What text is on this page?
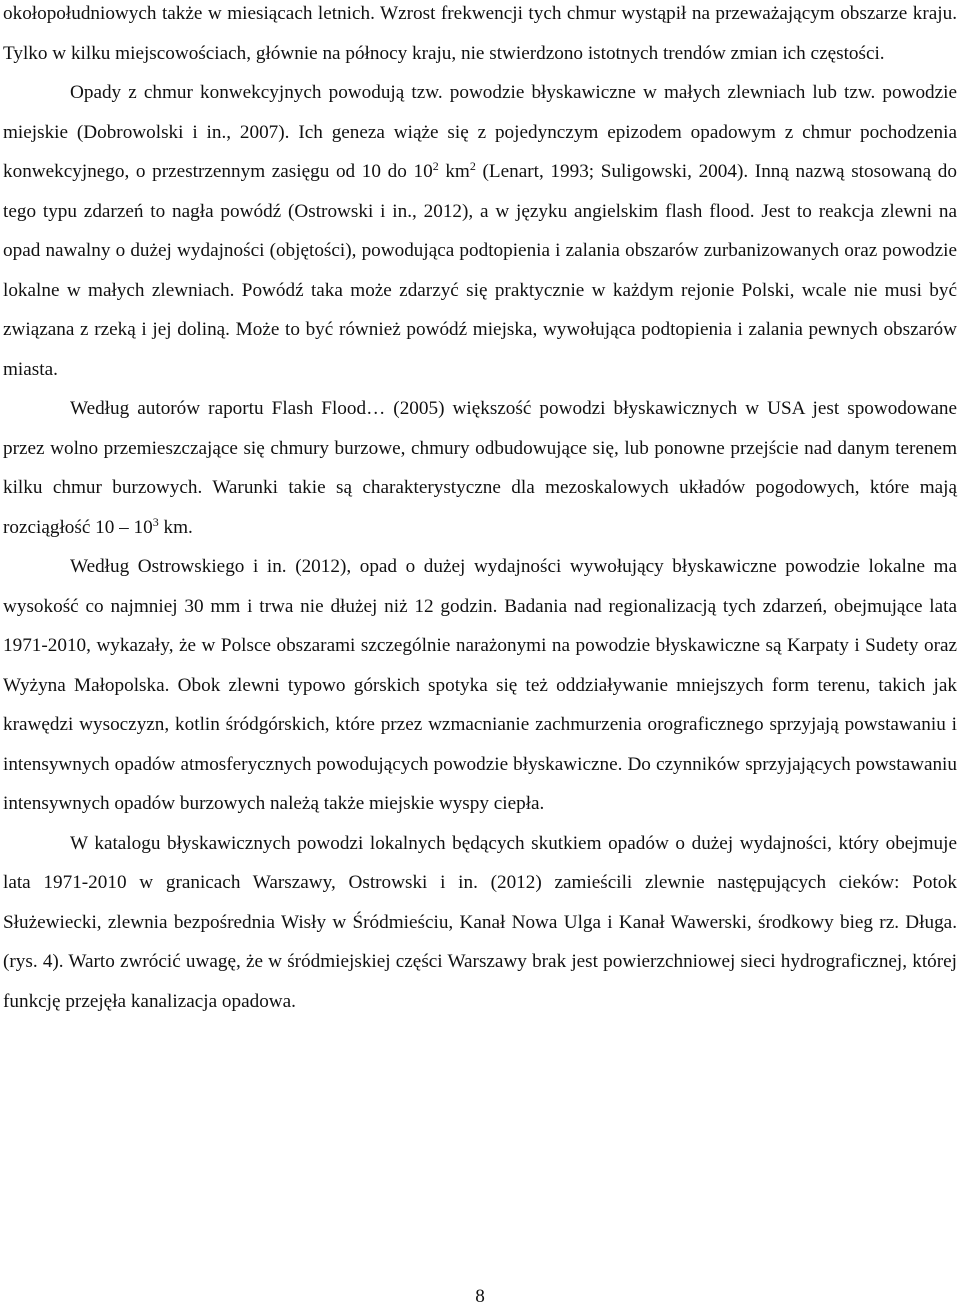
okołopołudniowych także w miesiącach letnich. Wzrost frekwencji tych chmur wystąpił na przeważającym obszarze kraju. Tylko w kilku miejscowościach, głównie na północy kraju, nie stwierdzono istotnych trendów zmian ich częstości.

Opady z chmur konwekcyjnych powodują tzw. powodzie błyskawiczne w małych zlewniach lub tzw. powodzie miejskie (Dobrowolski i in., 2007). Ich geneza wiąże się z pojedynczym epizodem opadowym z chmur pochodzenia konwekcyjnego, o przestrzennym zasięgu od 10 do $10^2$ $km^2$ (Lenart, 1993; Suligowski, 2004). Inną nazwą stosowaną do tego typu zdarzeń to nagła powódź (Ostrowski i in., 2012), a w języku angielskim flash flood. Jest to reakcja zlewni na opad nawalny o dużej wydajności (objętości), powodująca podtopienia i zalania obszarów zurbanizowanych oraz powodzie lokalne w małych zlewniach. Powódź taka może zdarzyć się praktycznie w każdym rejonie Polski, wcale nie musi być związana z rzeką i jej doliną. Może to być również powódź miejska, wywołująca podtopienia i zalania pewnych obszarów miasta.

Według autorów raportu Flash Flood… (2005) większość powodzi błyskawicznych w USA jest spowodowane przez wolno przemieszczające się chmury burzowe, chmury odbudowujące się, lub ponowne przejście nad danym terenem kilku chmur burzowych. Warunki takie są charakterystyczne dla mezoskalowych układów pogodowych, które mają rozciągłość $10 - 10^3$ km.

Według Ostrowskiego i in. (2012), opad o dużej wydajności wywołujący błyskawiczne powodzie lokalne ma wysokość co najmniej 30 mm i trwa nie dłużej niż 12 godzin. Badania nad regionalizacją tych zdarzeń, obejmujące lata 1971-2010, wykazały, że w Polsce obszarami szczególnie narażonymi na powodzie błyskawiczne są Karpaty i Sudety oraz Wyżyna Małopolska. Obok zlewni typowo górskich spotyka się też oddziaływanie mniejszych form terenu, takich jak krawędzi wysoczyzn, kotlin śródgórskich, które przez wzmacnianie zachmurzenia orograficznego sprzyjają powstawaniu i intensywnych opadów atmosferycznych powodujących powodzie błyskawiczne. Do czynników sprzyjających powstawaniu intensywnych opadów burzowych należą także miejskie wyspy ciepła.

W katalogu błyskawicznych powodzi lokalnych będących skutkiem opadów o dużej wydajności, który obejmuje lata 1971-2010 w granicach Warszawy, Ostrowski i in. (2012) zamieścili zlewnie następujących cieków: Potok Służewiecki, zlewnia bezpośrednia Wisły w Śródmieściu, Kanał Nowa Ulga i Kanał Wawerski, środkowy bieg rz. Długa. (rys. 4). Warto zwrócić uwagę, że w śródmiejskiej części Warszawy brak jest powierzchniowej sieci hydrograficznej, której funkcję przejęła kanalizacja opadowa.

8
